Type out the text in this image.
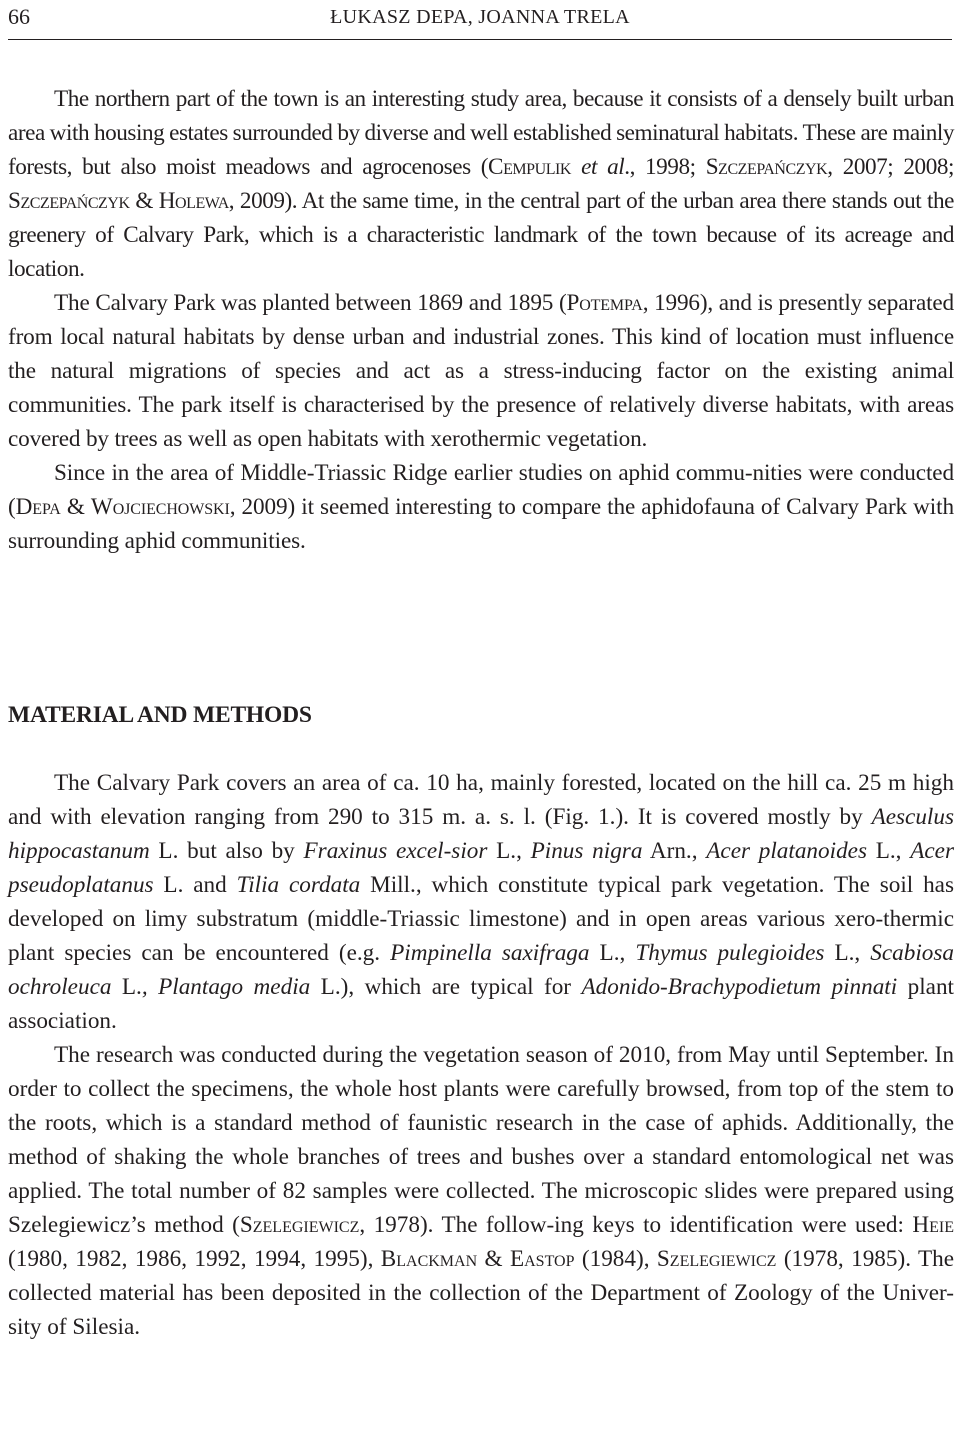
66	ŁUKASZ DEPA, JOANNA TRELA

The northern part of the town is an interesting study area, because it consists of a densely built urban area with housing estates surrounded by diverse and well established seminatural habitats. These are mainly forests, but also moist meadows and agrocenoses (Cempulik et al., 1998; Szczepańczyk, 2007; 2008; Szczepańczyk & Holewa, 2009). At the same time, in the central part of the urban area there stands out the greenery of Calvary Park, which is a characteristic landmark of the town because of its acreage and location.

The Calvary Park was planted between 1869 and 1895 (Potempa, 1996), and is presently separated from local natural habitats by dense urban and industrial zones. This kind of location must influence the natural migrations of species and act as a stress-inducing factor on the existing animal communities. The park itself is characterised by the presence of relatively diverse habitats, with areas covered by trees as well as open habitats with xerothermic vegetation.

Since in the area of Middle-Triassic Ridge earlier studies on aphid commu-nities were conducted (Depa & Wojciechowski, 2009) it seemed interesting to compare the aphidofauna of Calvary Park with surrounding aphid communities.

MATERIAL AND METHODS

The Calvary Park covers an area of ca. 10 ha, mainly forested, located on the hill ca. 25 m high and with elevation ranging from 290 to 315 m. a. s. l. (Fig. 1.). It is covered mostly by Aesculus hippocastanum L. but also by Fraxinus excel-sior L., Pinus nigra Arn., Acer platanoides L., Acer pseudoplatanus L. and Tilia cordata Mill., which constitute typical park vegetation. The soil has developed on limy substratum (middle-Triassic limestone) and in open areas various xero-thermic plant species can be encountered (e.g. Pimpinella saxifraga L., Thymus pulegioides L., Scabiosa ochroleuca L., Plantago media L.), which are typical for Adonido-Brachypodietum pinnati plant association.

The research was conducted during the vegetation season of 2010, from May until September. In order to collect the specimens, the whole host plants were carefully browsed, from top of the stem to the roots, which is a standard method of faunistic research in the case of aphids. Additionally, the method of shaking the whole branches of trees and bushes over a standard entomological net was applied. The total number of 82 samples were collected. The microscopic slides were prepared using Szelegiewicz’s method (Szelegiewicz, 1978). The follow-ing keys to identification were used: Heie (1980, 1982, 1986, 1992, 1994, 1995), Blackman & Eastop (1984), Szelegiewicz (1978, 1985). The collected material has been deposited in the collection of the Department of Zoology of the Univer-sity of Silesia.
